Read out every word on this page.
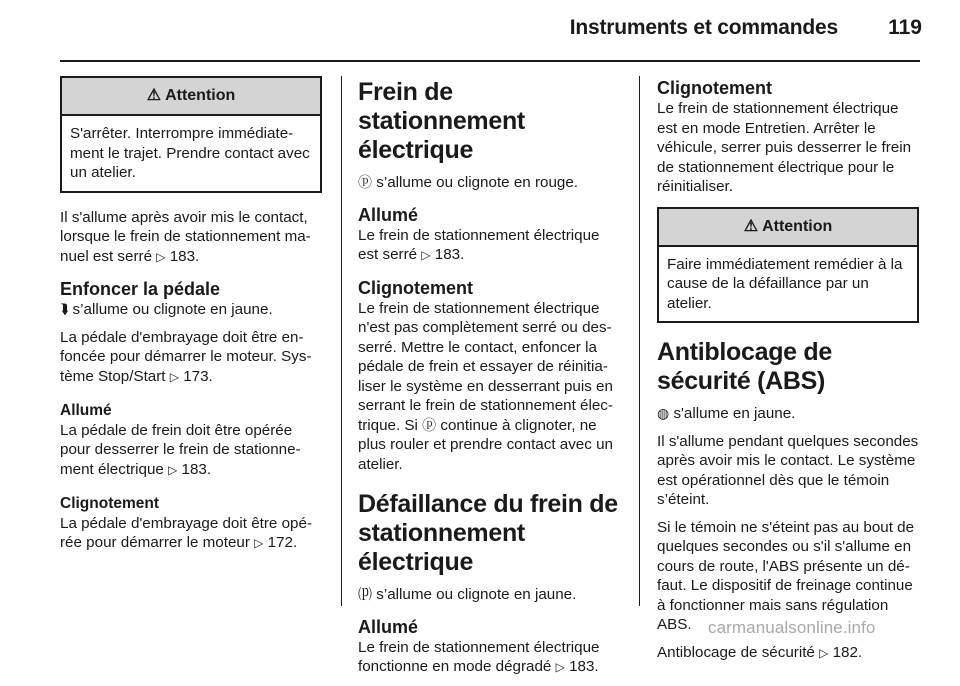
Instruments et commandes	119
⚠ Attention
S'arrêter. Interrompre immédiatement le trajet. Prendre contact avec un atelier.

Il s'allume après avoir mis le contact, lorsque le frein de stationnement manuel est serré ▷ 183.

Enfoncer la pédale

⮯ s’allume ou clignote en jaune.

La pédale d'embrayage doit être enfoncée pour démarrer le moteur. Système Stop/Start ▷ 173.

Allumé

La pédale de frein doit être opérée pour desserrer le frein de stationnement électrique ▷ 183.

Clignotement

La pédale d'embrayage doit être opérée pour démarrer le moteur ▷ 172.

Frein de stationnement électrique

ⓟ s’allume ou clignote en rouge.

Allumé

Le frein de stationnement électrique est serré ▷ 183.

Clignotement

Le frein de stationnement électrique n'est pas complètement serré ou desserré. Mettre le contact, enfoncer la pédale de frein et essayer de réinitialiser le système en desserrant puis en serrant le frein de stationnement électrique. Si ⓟ continue à clignoter, ne plus rouler et prendre contact avec un atelier.

Défaillance du frein de stationnement électrique

⒫ s’allume ou clignote en jaune.

Allumé

Le frein de stationnement électrique fonctionne en mode dégradé ▷ 183.

Clignotement

Le frein de stationnement électrique est en mode Entretien. Arrêter le véhicule, serrer puis desserrer le frein de stationnement électrique pour le réinitialiser.

⚠ Attention
Faire immédiatement remédier à la cause de la défaillance par un atelier.
Antiblocage de sécurité (ABS)

◍ s'allume en jaune.

Il s'allume pendant quelques secondes après avoir mis le contact. Le système est opérationnel dès que le témoin s’éteint.

Si le témoin ne s'éteint pas au bout de quelques secondes ou s'il s'allume en cours de route, l'ABS présente un défaut. Le dispositif de freinage continue à fonctionner mais sans régulation ABS.

Antiblocage de sécurité ▷ 182.

carmanualsonline.info
